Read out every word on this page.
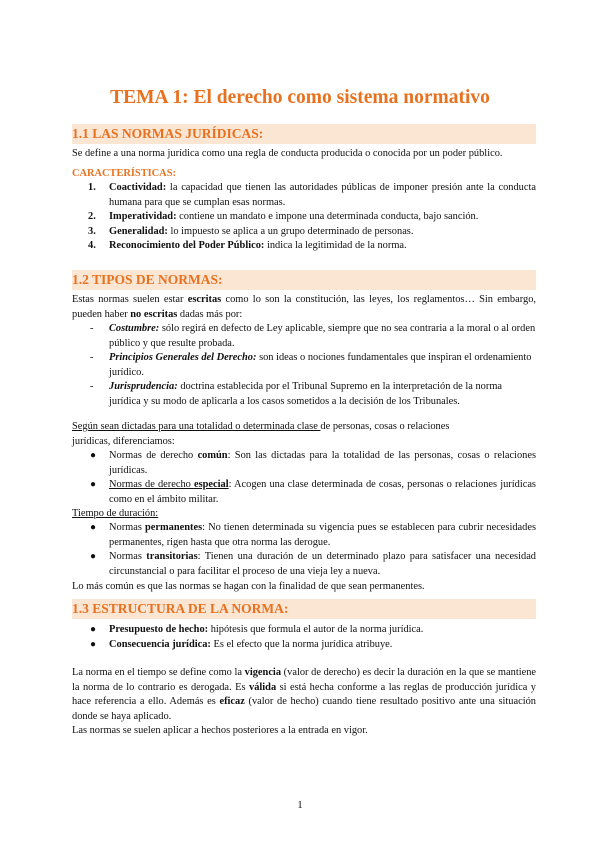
TEMA 1: El derecho como sistema normativo
1.1 LAS NORMAS JURÍDICAS:
Se define a una norma jurídica como una regla de conducta producida o conocida por un poder público.
CARACTERÍSTICAS:
1. Coactividad: la capacidad que tienen las autoridades públicas de imponer presión ante la conducta humana para que se cumplan esas normas.
2. Imperatividad: contiene un mandato e impone una determinada conducta, bajo sanción.
3. Generalidad: lo impuesto se aplica a un grupo determinado de personas.
4. Reconocimiento del Poder Público: indica la legitimidad de la norma.
1.2 TIPOS DE NORMAS:
Estas normas suelen estar escritas como lo son la constitución, las leyes, los reglamentos… Sin embargo, pueden haber no escritas dadas más por:
- Costumbre: sólo regirá en defecto de Ley aplicable, siempre que no sea contraria a la moral o al orden público y que resulte probada.
- Principios Generales del Derecho: son ideas o nociones fundamentales que inspiran el ordenamiento jurídico.
- Jurisprudencia: doctrina establecida por el Tribunal Supremo en la interpretación de la norma jurídica y su modo de aplicarla a los casos sometidos a la decisión de los Tribunales.
Según sean dictadas para una totalidad o determinada clase de personas, cosas o relaciones jurídicas, diferenciamos:
● Normas de derecho común: Son las dictadas para la totalidad de las personas, cosas o relaciones jurídicas.
● Normas de derecho especial: Acogen una clase determinada de cosas, personas o relaciones jurídicas como en el ámbito militar.
Tiempo de duración:
● Normas permanentes: No tienen determinada su vigencia pues se establecen para cubrir necesidades permanentes, rigen hasta que otra norma las derogue.
● Normas transitorias: Tienen una duración de un determinado plazo para satisfacer una necesidad circunstancial o para facilitar el proceso de una vieja ley a nueva.
Lo más común es que las normas se hagan con la finalidad de que sean permanentes.
1.3 ESTRUCTURA DE LA NORMA:
● Presupuesto de hecho: hipótesis que formula el autor de la norma jurídica.
● Consecuencia jurídica: Es el efecto que la norma jurídica atribuye.
La norma en el tiempo se define como la vigencia (valor de derecho) es decir la duración en la que se mantiene la norma de lo contrario es derogada. Es válida si está hecha conforme a las reglas de producción jurídica y hace referencia a ello. Además es eficaz (valor de hecho) cuando tiene resultado positivo ante una situación donde se haya aplicado.
Las normas se suelen aplicar a hechos posteriores a la entrada en vigor.
1
